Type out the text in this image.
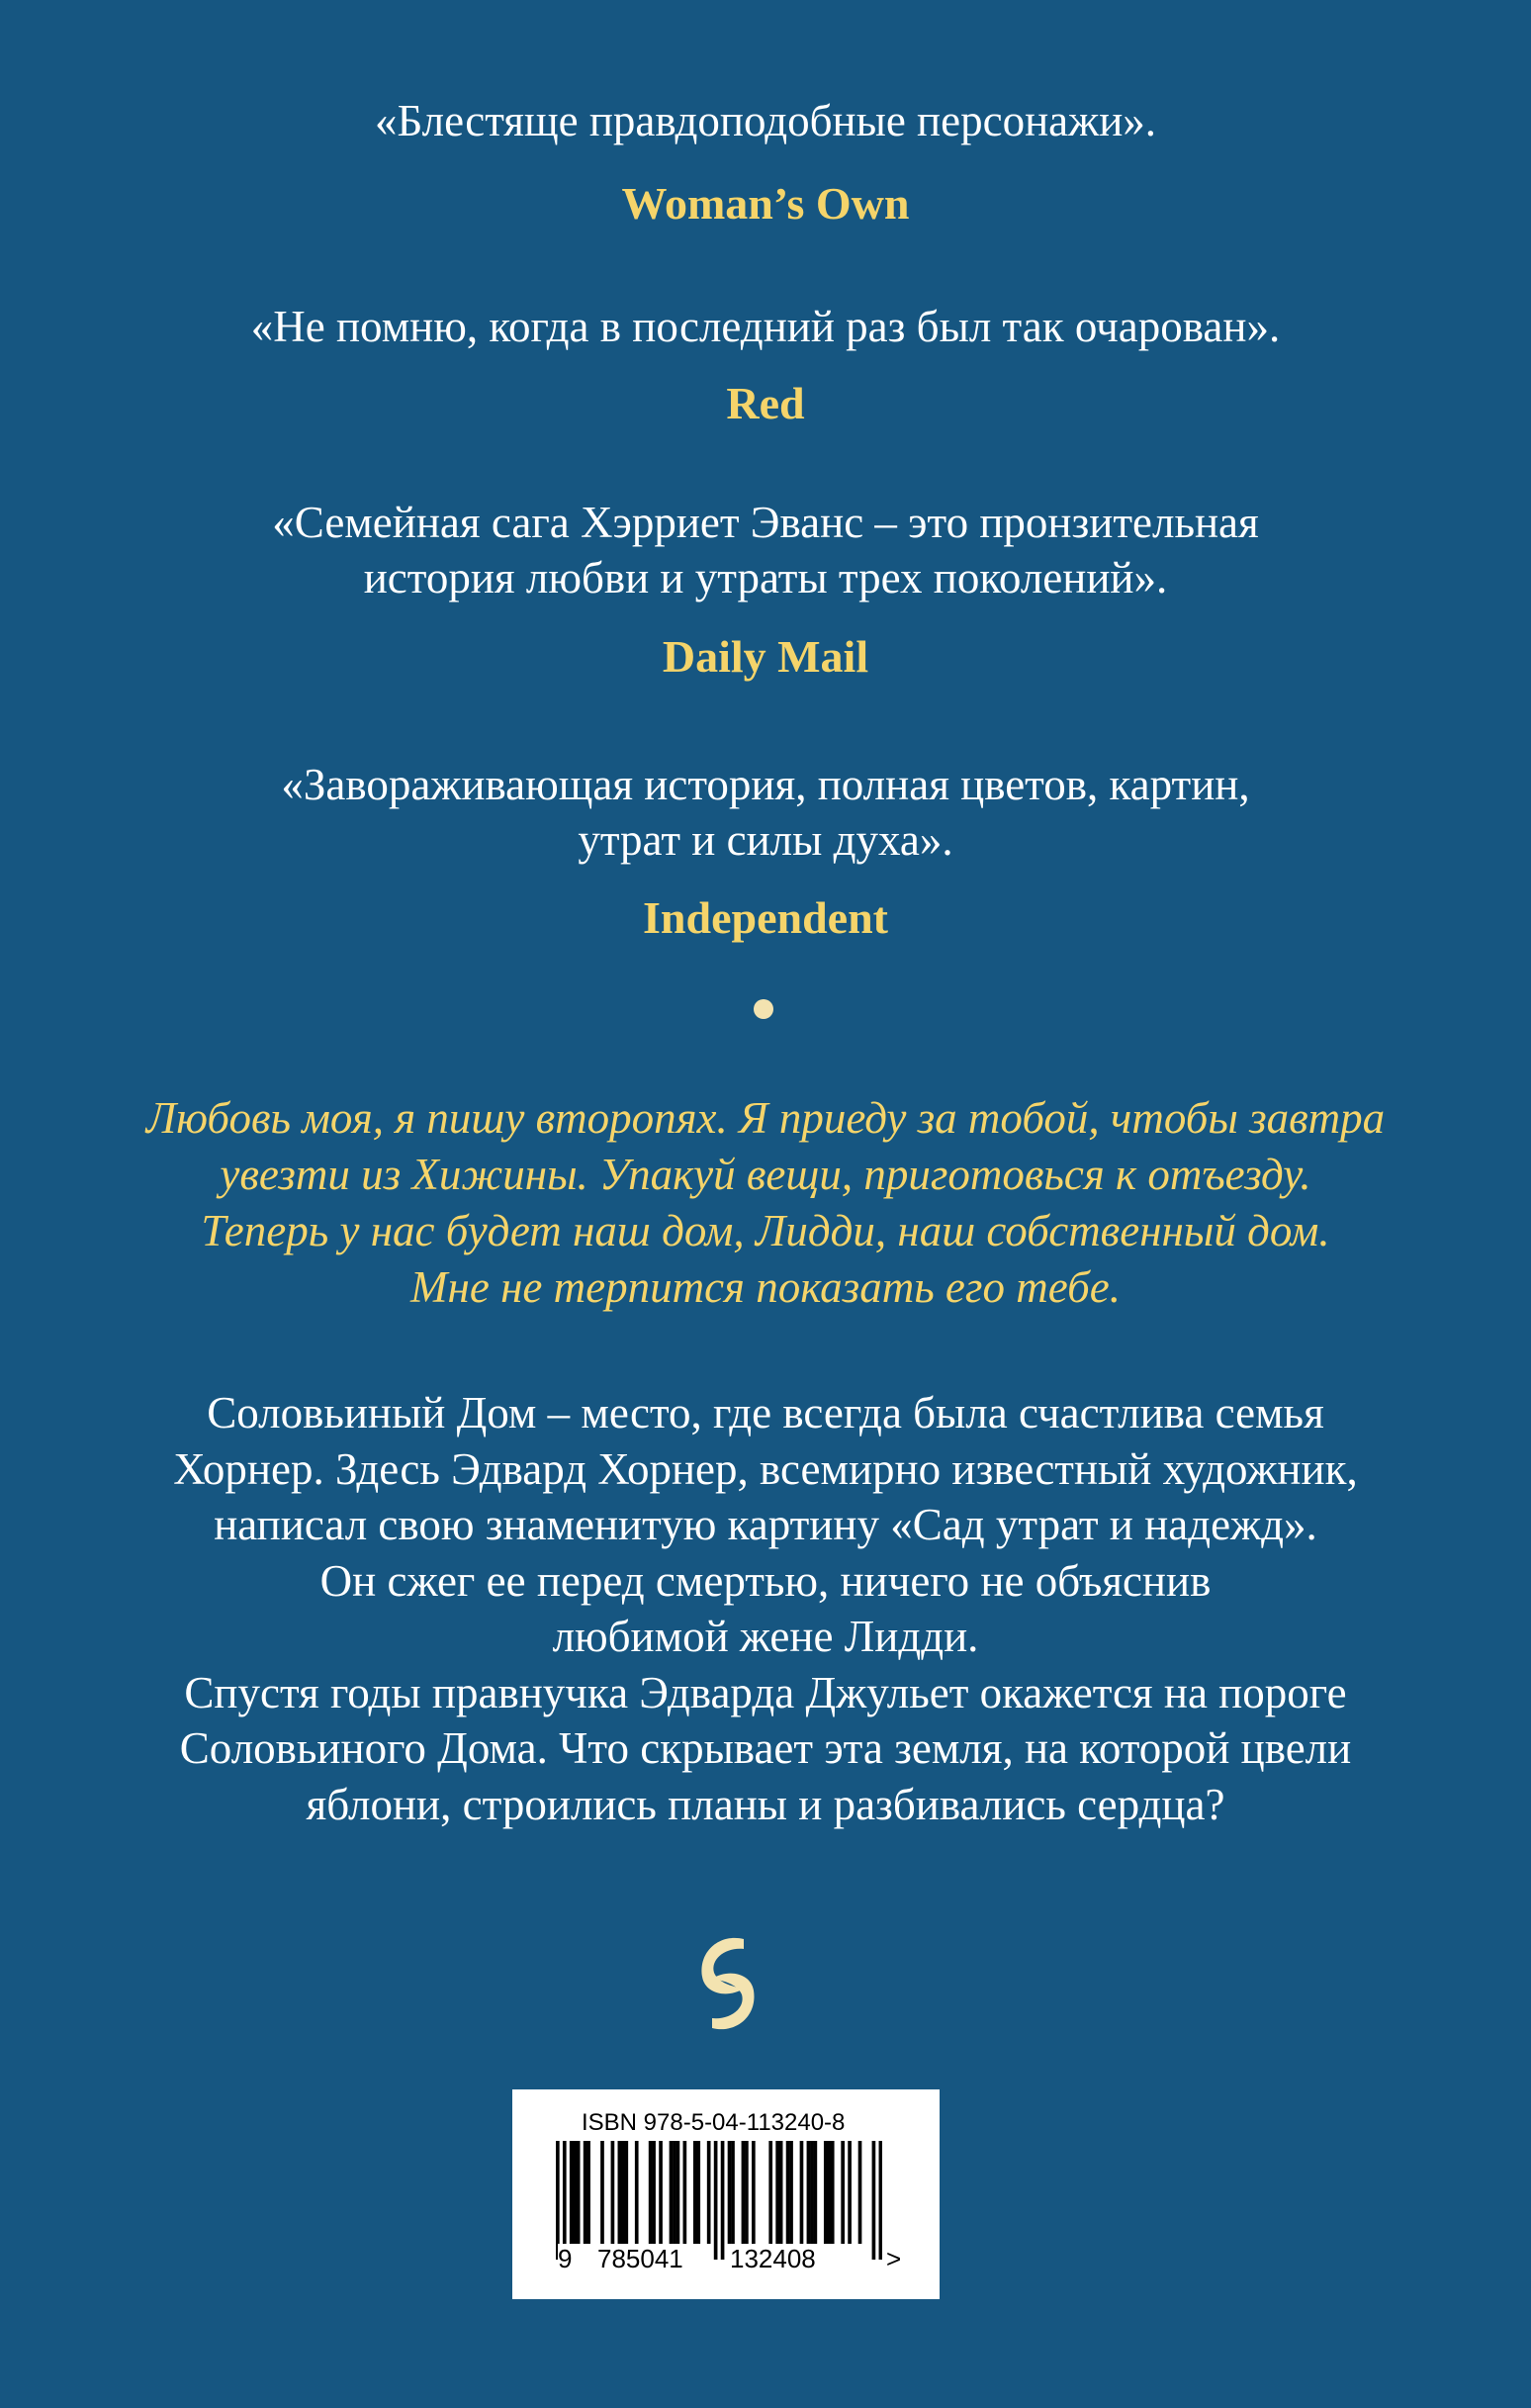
«Блестяще правдоподобные персонажи».

Woman’s Own

«Не помню, когда в последний раз был так очарован».

Red

«Семейная сага Хэрриет Эванс – это пронзительная
история любви и утраты трех поколений».

Daily Mail

«Завораживающая история, полная цветов, картин,
утрат и силы духа».

Independent

Любовь моя, я пишу второпях. Я приеду за тобой, чтобы завтра
увезти из Хижины. Упакуй вещи, приготовься к отъезду.
Теперь у нас будет наш дом, Лидди, наш собственный дом.
Мне не терпится показать его тебе.

Соловьиный Дом – место, где всегда была счастлива семья
Хорнер. Здесь Эдвард Хорнер, всемирно известный художник,
написал свою знаменитую картину «Сад утрат и надежд».
Он сжег ее перед смертью, ничего не объяснив
любимой жене Лидди.
Спустя годы правнучка Эдварда Джульет окажется на пороге
Соловьиного Дома. Что скрывает эта земля, на которой цвели
яблони, строились планы и разбивались сердца?

ISBN 978-5-04-113240-8
9 785041 132408	>
